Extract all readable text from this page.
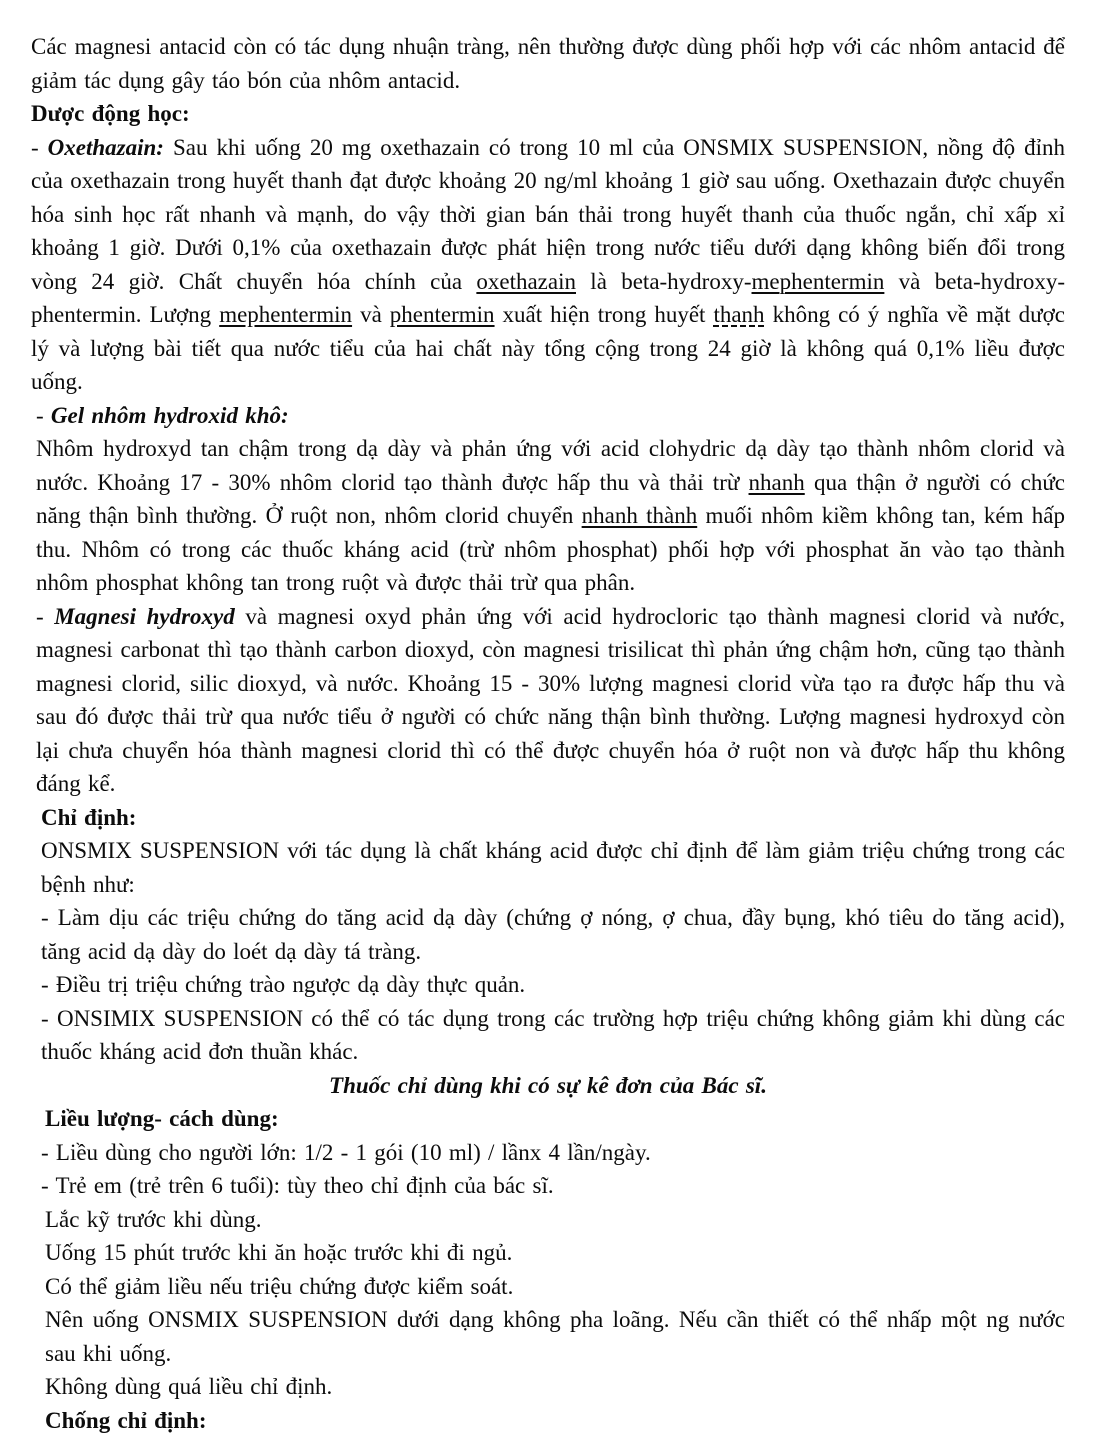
Các magnesi antacid còn có tác dụng nhuận tràng, nên thường được dùng phối hợp với các nhôm antacid để giảm tác dụng gây táo bón của nhôm antacid.

Dược động học:

- Oxethazain: Sau khi uống 20 mg oxethazain có trong 10 ml của ONSMIX SUSPENSION, nồng độ đỉnh của oxethazain trong huyết thanh đạt được khoảng 20 ng/ml khoảng 1 giờ sau uống. Oxethazain được chuyển hóa sinh học rất nhanh và mạnh, do vậy thời gian bán thải trong huyết thanh của thuốc ngắn, chỉ xấp xỉ khoảng 1 giờ. Dưới 0,1% của oxethazain được phát hiện trong nước tiểu dưới dạng không biến đổi trong vòng 24 giờ. Chất chuyển hóa chính của oxethazain là beta-hydroxy-mephentermin và beta-hydroxy-phentermin. Lượng mephentermin và phentermin xuất hiện trong huyết thanh không có ý nghĩa về mặt dược lý và lượng bài tiết qua nước tiểu của hai chất này tổng cộng trong 24 giờ là không quá 0,1% liều được uống.

- Gel nhôm hydroxid khô:

Nhôm hydroxyd tan chậm trong dạ dày và phản ứng với acid clohydric dạ dày tạo thành nhôm clorid và nước. Khoảng 17 - 30% nhôm clorid tạo thành được hấp thu và thải trừ nhanh qua thận ở người có chức năng thận bình thường. Ở ruột non, nhôm clorid chuyển nhanh thành muối nhôm kiềm không tan, kém hấp thu. Nhôm có trong các thuốc kháng acid (trừ nhôm phosphat) phối hợp với phosphat ăn vào tạo thành nhôm phosphat không tan trong ruột và được thải trừ qua phân.

- Magnesi hydroxyd và magnesi oxyd phản ứng với acid hydrocloric tạo thành magnesi clorid và nước, magnesi carbonat thì tạo thành carbon dioxyd, còn magnesi trisilicat thì phản ứng chậm hơn, cũng tạo thành magnesi clorid, silic dioxyd, và nước. Khoảng 15 - 30% lượng magnesi clorid vừa tạo ra được hấp thu và sau đó được thải trừ qua nước tiểu ở người có chức năng thận bình thường. Lượng magnesi hydroxyd còn lại chưa chuyển hóa thành magnesi clorid thì có thể được chuyển hóa ở ruột non và được hấp thu không đáng kể.

Chỉ định:

ONSMIX SUSPENSION với tác dụng là chất kháng acid được chỉ định để làm giảm triệu chứng trong các bệnh như:

- Làm dịu các triệu chứng do tăng acid dạ dày (chứng ợ nóng, ợ chua, đầy bụng, khó tiêu do tăng acid), tăng acid dạ dày do loét dạ dày tá tràng.

- Điều trị triệu chứng trào ngược dạ dày thực quản.

- ONSIMIX SUSPENSION có thể có tác dụng trong các trường hợp triệu chứng không giảm khi dùng các thuốc kháng acid đơn thuần khác.

Thuốc chỉ dùng khi có sự kê đơn của Bác sĩ.

Liều lượng- cách dùng:

- Liều dùng cho người lớn: 1/2 - 1 gói (10 ml) / lầnx 4 lần/ngày.

- Trẻ em (trẻ trên 6 tuổi): tùy theo chỉ định của bác sĩ.

Lắc kỹ trước khi dùng.

Uống 15 phút trước khi ăn hoặc trước khi đi ngủ.

Có thể giảm liều nếu triệu chứng được kiểm soát.

Nên uống ONSMIX SUSPENSION dưới dạng không pha loãng. Nếu cần thiết có thể nhấp một ng nước sau khi uống.

Không dùng quá liều chỉ định.

Chống chỉ định:
